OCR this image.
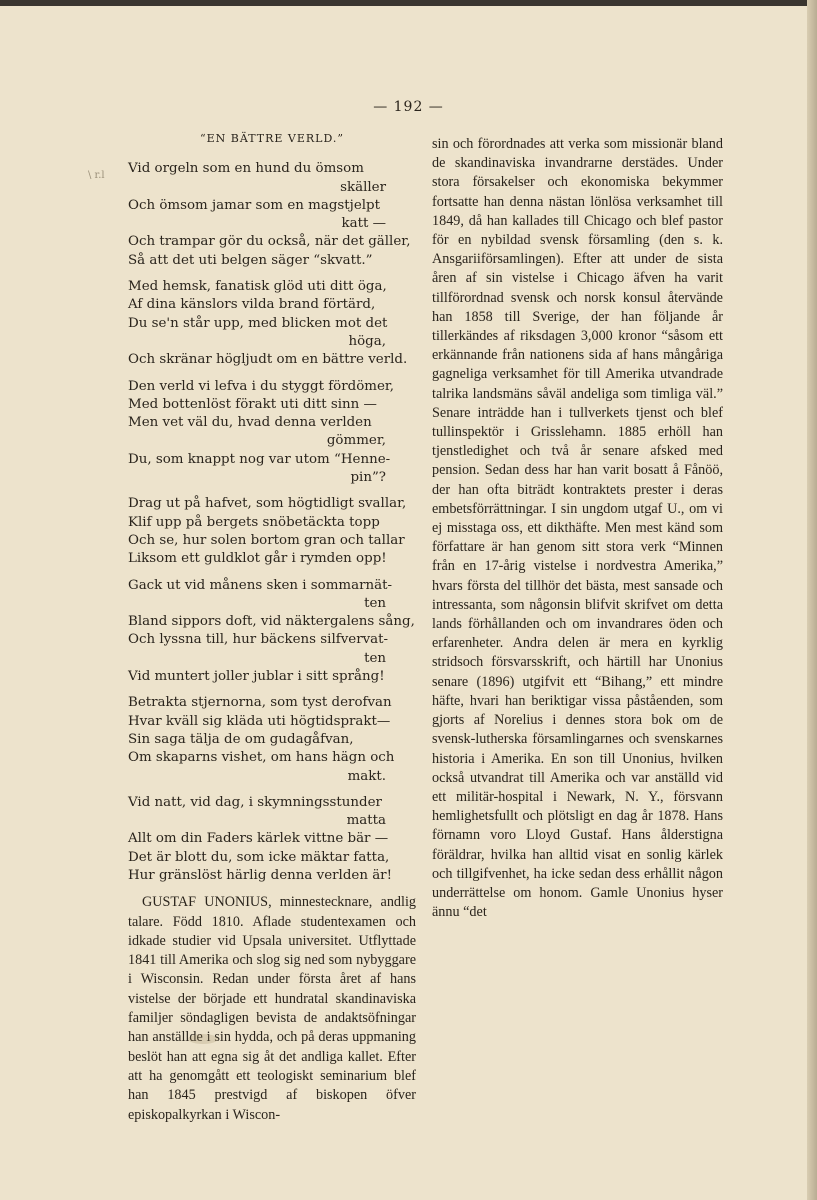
— 192 —
\ r.l
“EN BÄTTRE VERLD.”
Vid orgeln som en hund du ömsom
skäller
Och ömsom jamar som en magstjelpt
katt —
Och trampar gör du också, när det gäller,
Så att det uti belgen säger “skvatt.”
Med hemsk, fanatisk glöd uti ditt öga,
Af dina känslors vilda brand förtärd,
Du se'n står upp, med blicken mot det
höga,
Och skränar högljudt om en bättre verld.
Den verld vi lefva i du styggt fördömer,
Med bottenlöst förakt uti ditt sinn —
Men vet väl du, hvad denna verlden
gömmer,
Du, som knappt nog var utom “Henne-
pin”?
Drag ut på hafvet, som högtidligt svallar,
Klif upp på bergets snöbetäckta topp
Och se, hur solen bortom gran och tallar
Liksom ett guldklot går i rymden opp!
Gack ut vid månens sken i sommarnät-
ten
Bland sippors doft, vid näktergalens sång,
Och lyssna till, hur bäckens silfvervat-
ten
Vid muntert joller jublar i sitt språng!
Betrakta stjernorna, som tyst derofvan
Hvar kväll sig kläda uti högtidsprakt—
Sin saga tälja de om gudagåfvan,
Om skaparns vishet, om hans hägn och
makt.
Vid natt, vid dag, i skymningsstunder
matta
Allt om din Faders kärlek vittne bär —
Det är blott du, som icke mäktar fatta,
Hur gränslöst härlig denna verlden är!

GUSTAF UNONIUS, minnestecknare, andlig talare. Född 1810. Aflade studentexamen och idkade studier vid Upsala universitet. Utflyttade 1841 till Amerika och slog sig ned som nybyggare i Wisconsin. Redan under första året af hans vistelse der började ett hundratal skandinaviska familjer söndagligen bevista de andaktsöfningar han anställde i sin hydda, och på deras uppmaning beslöt han att egna sig åt det andliga kallet. Efter att ha genomgått ett teologiskt seminarium blef han 1845 prestvigd af biskopen öfver episkopalkyrkan i Wiscon-

sin och förordnades att verka som missionär bland de skandinaviska invandrarne derstädes. Under stora försakelser och ekonomiska bekymmer fortsatte han denna nästan lönlösa verksamhet till 1849, då han kallades till Chicago och blef pastor för en nybildad svensk församling (den s. k. Ansgariiförsamlingen). Efter att under de sista åren af sin vistelse i Chicago äfven ha varit tillförordnad svensk och norsk konsul återvände han 1858 till Sverige, der han följande år tillerkändes af riksdagen 3,000 kronor “såsom ett erkännande från nationens sida af hans mångåriga gagneliga verksamhet för till Amerika utvandrade talrika landsmäns såväl andeliga som timliga väl.” Senare inträdde han i tullverkets tjenst och blef tullinspektör i Grisslehamn. 1885 erhöll han tjenstledighet och två år senare afsked med pension. Sedan dess har han varit bosatt å Fånöö, der han ofta biträdt kontraktets prester i deras embetsförrättningar. I sin ungdom utgaf U., om vi ej misstaga oss, ett dikthäfte. Men mest känd som författare är han genom sitt stora verk “Minnen från en 17-årig vistelse i nordvestra Amerika,” hvars första del tillhör det bästa, mest sansade och intressanta, som någonsin blifvit skrifvet om detta lands förhållanden och om invandrares öden och erfarenheter. Andra delen är mera en kyrklig stridsoch försvarsskrift, och härtill har Unonius senare (1896) utgifvit ett “Bihang,” ett mindre häfte, hvari han beriktigar vissa påståenden, som gjorts af Norelius i dennes stora bok om de svensk-lutherska församlingarnes och svenskarnes historia i Amerika. En son till Unonius, hvilken också utvandrat till Amerika och var anställd vid ett militär-hospital i Newark, N. Y., försvann hemlighetsfullt och plötsligt en dag år 1878. Hans förnamn voro Lloyd Gustaf. Hans ålderstigna föräldrar, hvilka han alltid visat en sonlig kärlek och tillgifvenhet, ha icke sedan dess erhållit någon underrättelse om honom. Gamle Unonius hyser ännu “det
